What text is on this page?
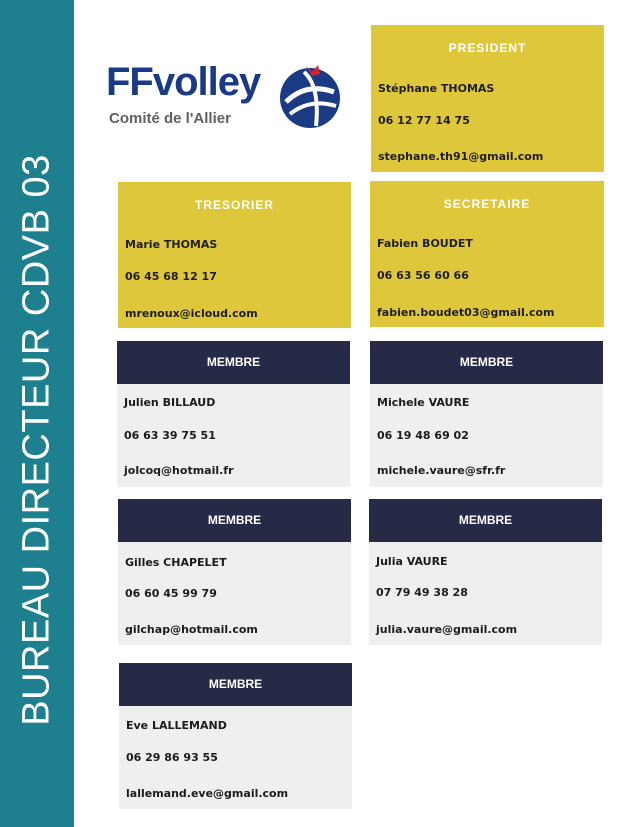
BUREAU DIRECTEUR CDVB 03
FFvolley
Comité de l'Allier
PRESIDENT
Stéphane THOMAS
06 12 77 14 75
stephane.th91@gmail.com
TRESORIER
Marie THOMAS
06 45 68 12 17
mrenoux@icloud.com
SECRETAIRE
Fabien BOUDET
06 63 56 60 66
fabien.boudet03@gmail.com
MEMBRE
Julien BILLAUD
06 63 39 75 51
jolcoq@hotmail.fr
MEMBRE
Michele VAURE
06 19 48 69 02
michele.vaure@sfr.fr
MEMBRE
Gilles CHAPELET
06 60 45 99 79
gilchap@hotmail.com
MEMBRE
Julia VAURE
07 79 49 38 28
julia.vaure@gmail.com
MEMBRE
Eve LALLEMAND
06 29 86 93 55
lallemand.eve@gmail.com
